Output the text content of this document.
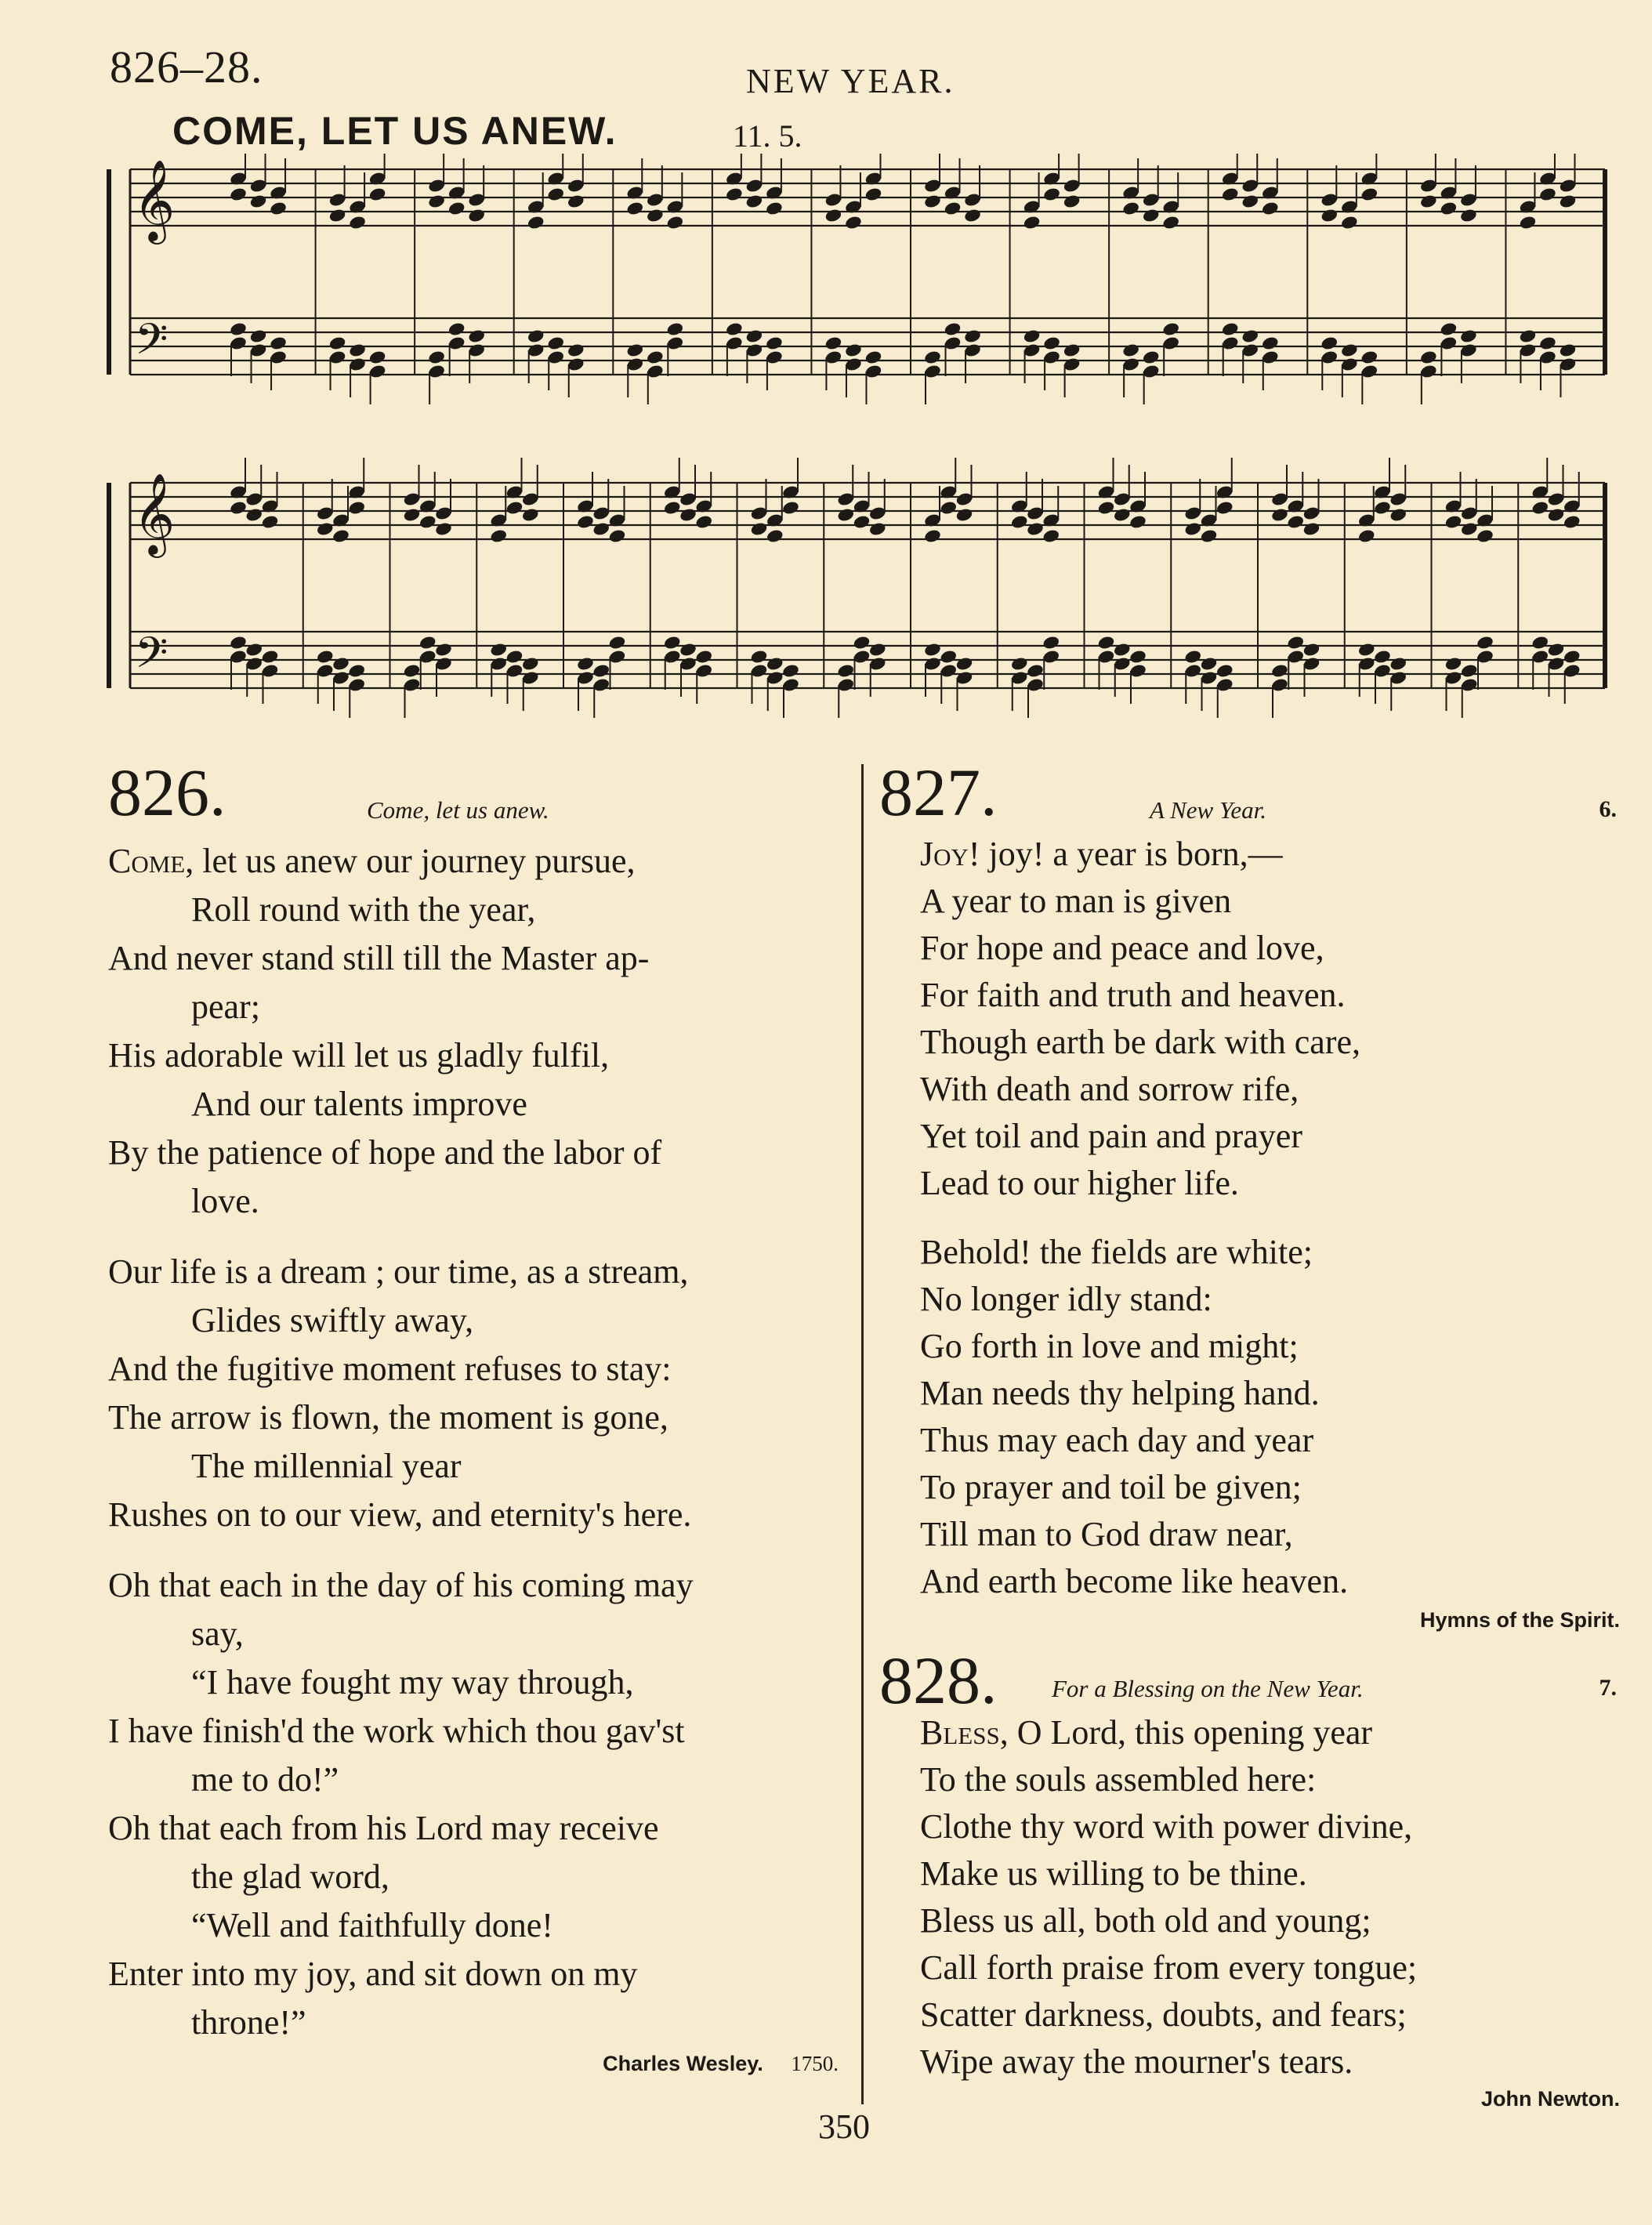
826–28.	NEW YEAR.
COME, LET US ANEW.	11. 5.
𝄞
𝄢
𝄞
𝄢
826.	Come, let us anew.
Come, let us anew our journey pursue,
Roll round with the year,
And never stand still till the Master ap-
pear;
His adorable will let us gladly fulfil,
And our talents improve
By the patience of hope and the labor of
love.
Our life is a dream ; our time, as a stream,
Glides swiftly away,
And the fugitive moment refuses to stay:
The arrow is flown, the moment is gone,
The millennial year
Rushes on to our view, and eternity's here.
Oh that each in the day of his coming may
say,
“I have fought my way through,
I have finish'd the work which thou gav'st
me to do!”
Oh that each from his Lord may receive
the glad word,
“Well and faithfully done!
Enter into my joy, and sit down on my
throne!”
Charles Wesley. 1750.
827.	A New Year.	6.
Joy! joy! a year is born,—
A year to man is given
For hope and peace and love,
For faith and truth and heaven.
Though earth be dark with care,
With death and sorrow rife,
Yet toil and pain and prayer
Lead to our higher life.
Behold! the fields are white;
No longer idly stand:
Go forth in love and might;
Man needs thy helping hand.
Thus may each day and year
To prayer and toil be given;
Till man to God draw near,
And earth become like heaven.
Hymns of the Spirit.
828. For a Blessing on the New Year.	7.
Bless, O Lord, this opening year
To the souls assembled here:
Clothe thy word with power divine,
Make us willing to be thine.
Bless us all, both old and young;
Call forth praise from every tongue;
Scatter darkness, doubts, and fears;
Wipe away the mourner's tears.
John Newton.
350
